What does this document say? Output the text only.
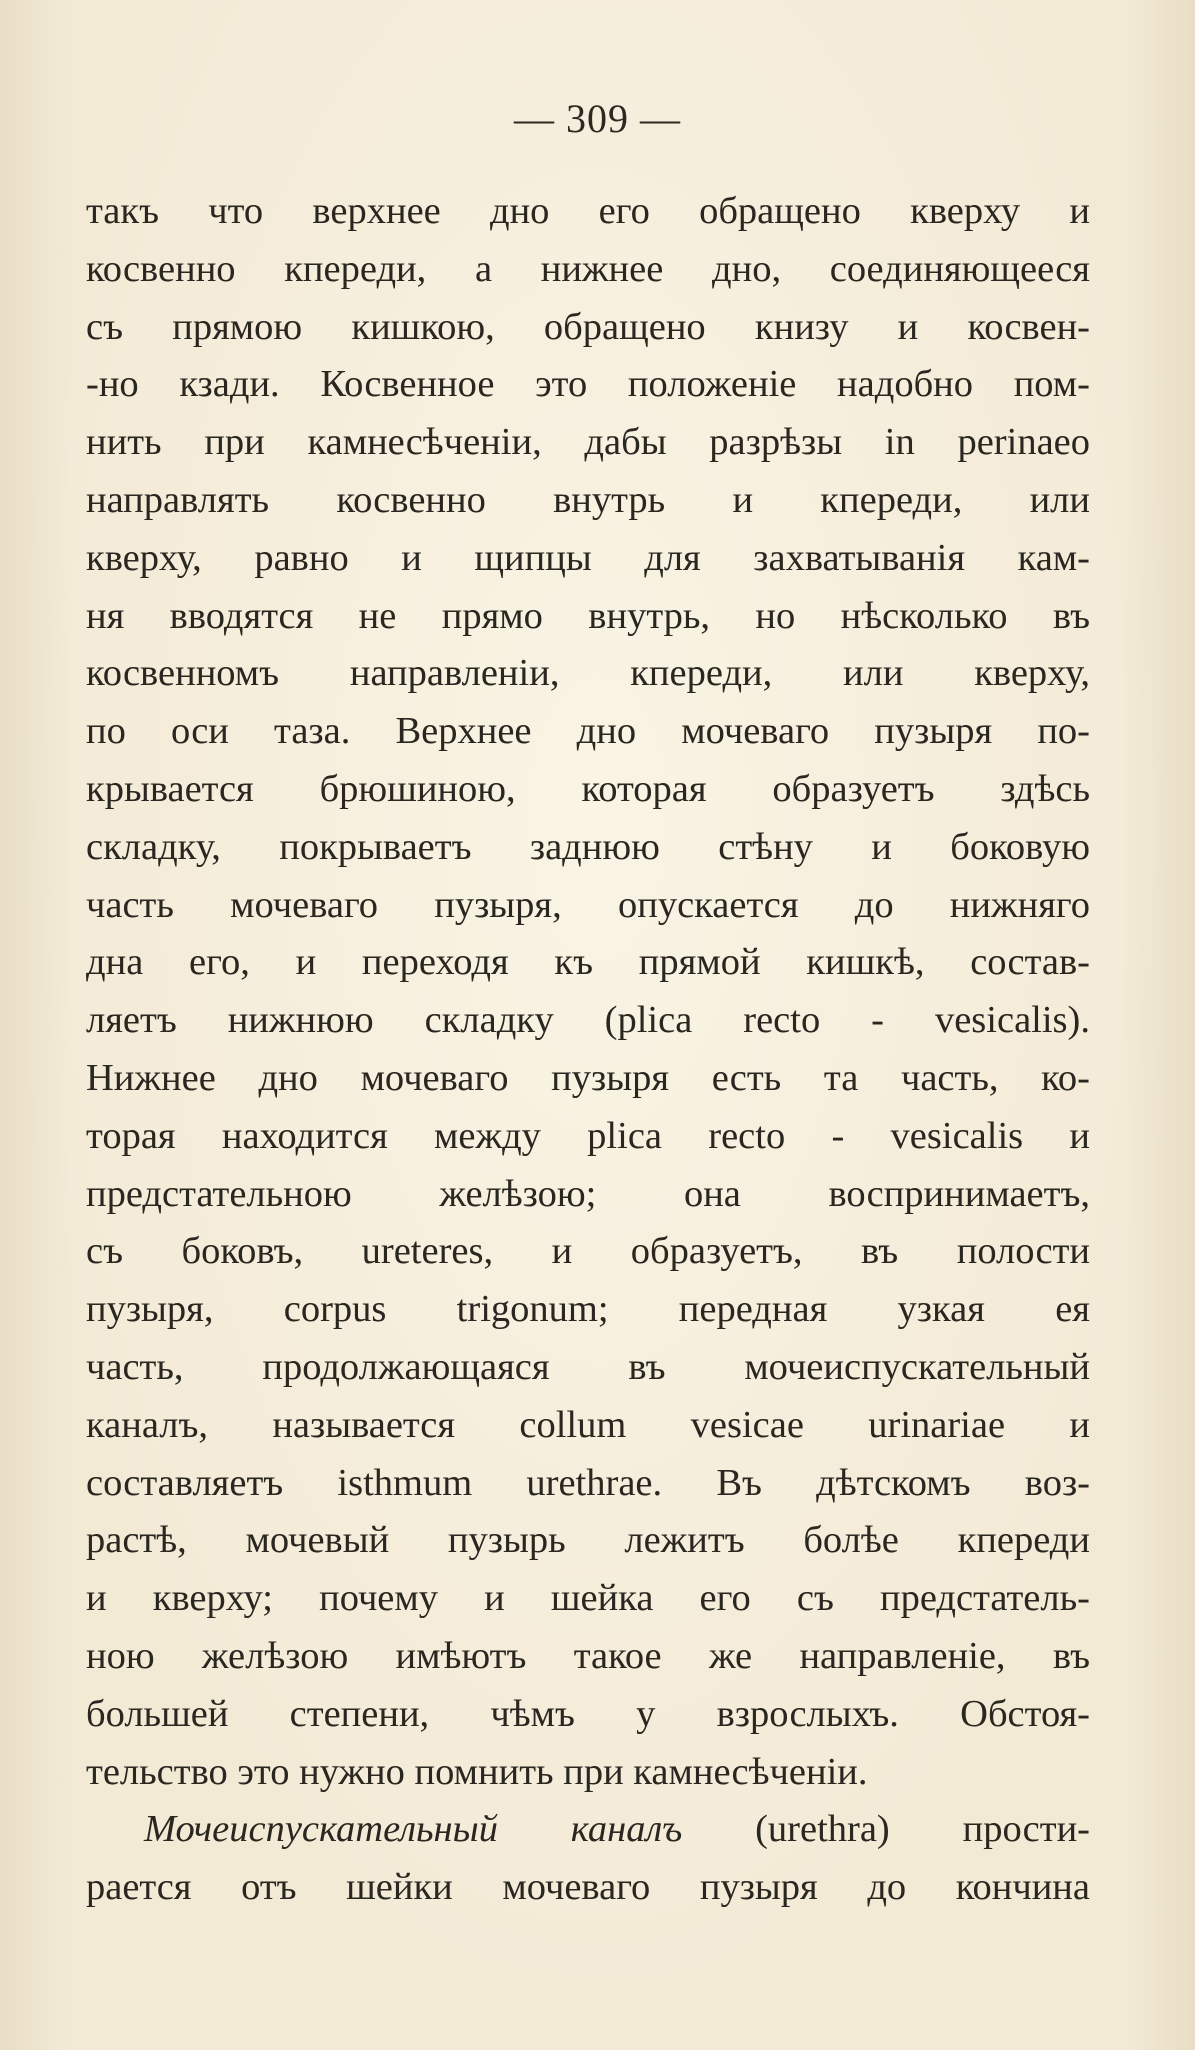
— 309 —
такъ что верхнее дно его обращено кверху и
косвенно кпереди, а нижнее дно, соединяющееся
съ прямою кишкою, обращено книзу и косвен-
-но кзади. Косвенное это положеніе надобно пом-
нить при камнесѣченіи, дабы разрѣзы in perinaeo
направлять косвенно внутрь и кпереди, или
кверху, равно и щипцы для захватыванія кам-
ня вводятся не прямо внутрь, но нѣсколько въ
косвенномъ направленіи, кпереди, или кверху,
по оси таза. Верхнее дно мочеваго пузыря по-
крывается брюшиною, которая образуетъ здѣсь
складку, покрываетъ заднюю стѣну и боковую
часть мочеваго пузыря, опускается до нижняго
дна его, и переходя къ прямой кишкѣ, состав-
ляетъ нижнюю складку (plica recto - vesicalis).
Нижнее дно мочеваго пузыря есть та часть, ко-
торая находится между plica recto - vesicalis и
предстательною желѣзою; она воспринимаетъ,
съ боковъ, ureteres, и образуетъ, въ полости
пузыря, corpus trigonum; передная узкая ея
часть, продолжающаяся въ мочеиспускательный
каналъ, называется collum vesicae urinariae и
составляетъ isthmum urethrae. Въ дѣтскомъ воз-
растѣ, мочевый пузырь лежитъ болѣе кпереди
и кверху; почему и шейка его съ предстатель-
ною желѣзою имѣютъ такое же направленіе, въ
большей степени, чѣмъ у взрослыхъ. Обстоя-
тельство это нужно помнить при камнесѣченіи.
Мочеиспускательный каналъ (urethra) прости-
рается отъ шейки мочеваго пузыря до кончина
